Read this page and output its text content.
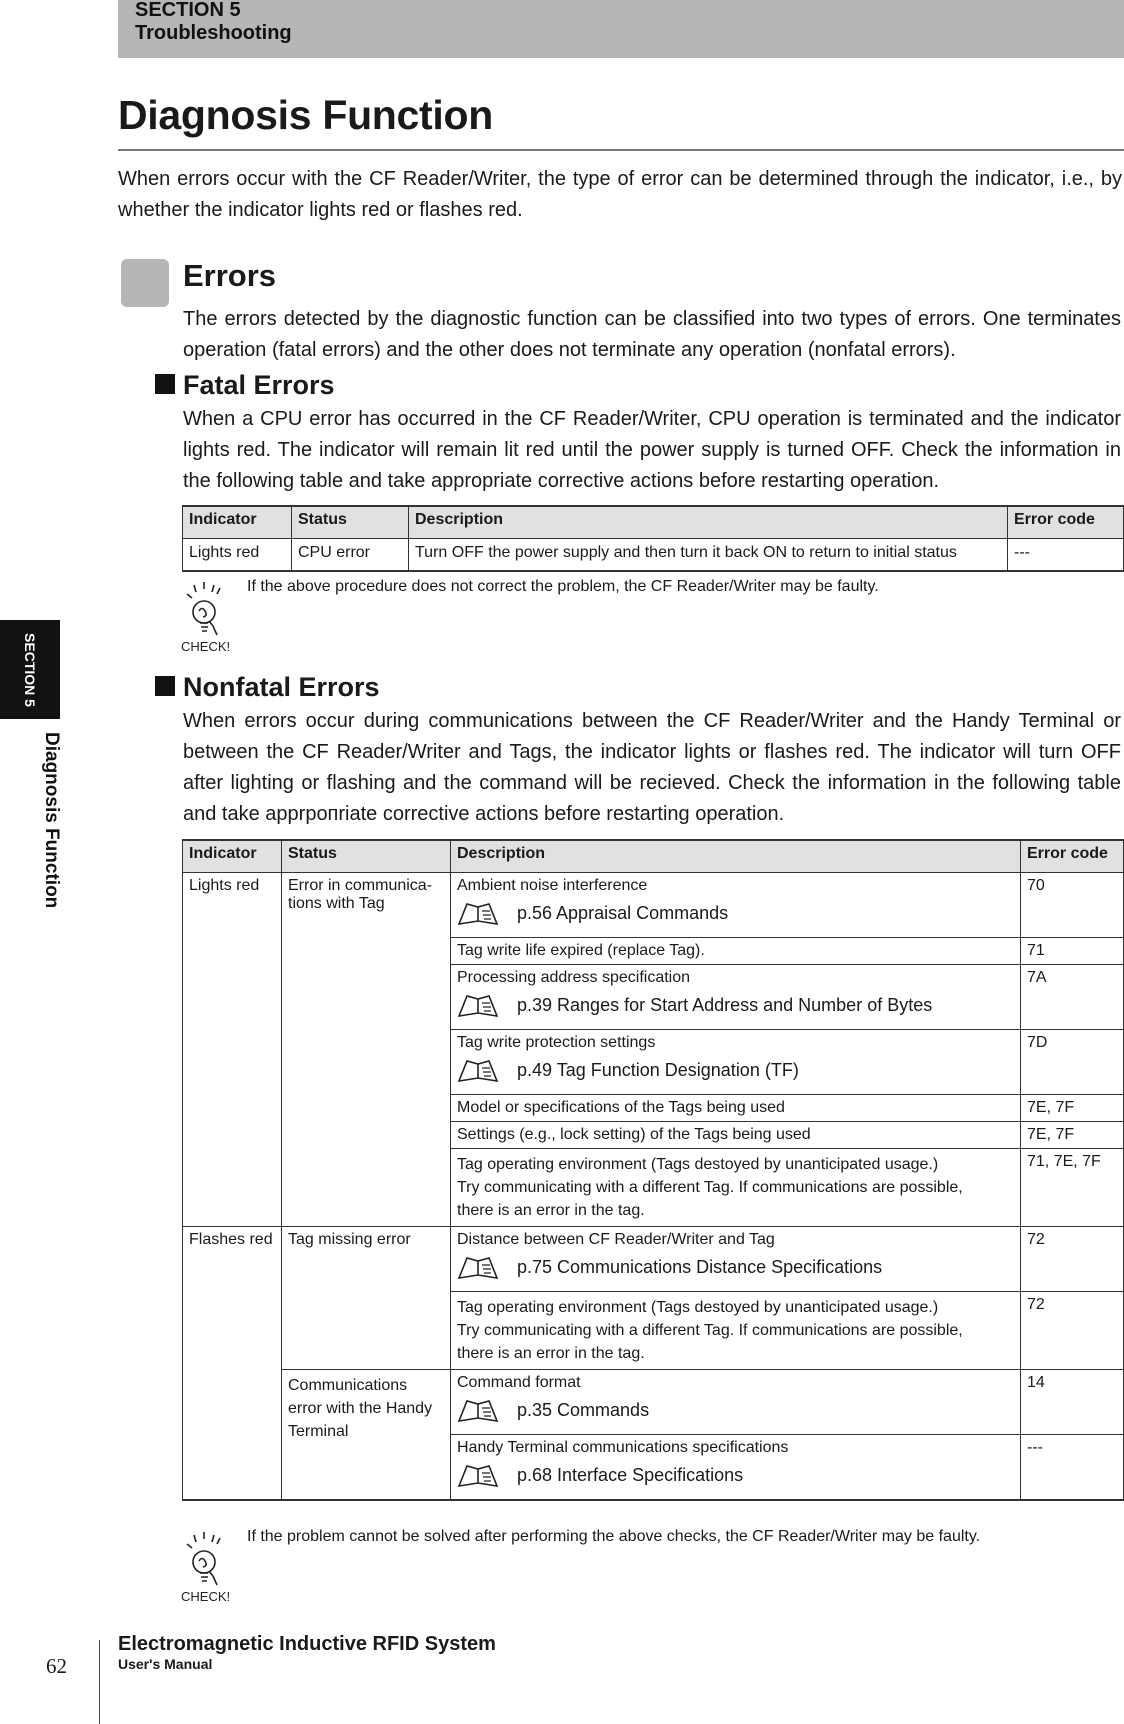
SECTION 5
Troubleshooting
Diagnosis Function
When errors occur with the CF Reader/Writer, the type of error can be determined through the indicator, i.e., by whether the indicator lights red or flashes red.
Errors
The errors detected by the diagnostic function can be classified into two types of errors. One terminates operation (fatal errors) and the other does not terminate any operation (nonfatal errors).
Fatal Errors
When a CPU error has occurred in the CF Reader/Writer, CPU operation is terminated and the indicator lights red. The indicator will remain lit red until the power supply is turned OFF. Check the information in the following table and take appropriate corrective actions before restarting operation.
Indicator	Status	Description	Error code
Lights red	CPU error	Turn OFF the power supply and then turn it back ON to return to initial status	---
CHECK!
If the above procedure does not correct the problem, the CF Reader/Writer may be faulty.
Nonfatal Errors
When errors occur during communications between the CF Reader/Writer and the Handy Terminal or between the CF Reader/Writer and Tags, the indicator lights or flashes red. The indicator will turn OFF after lighting or flashing and the command will be recieved. Check the information in the following table and take apprропriate corrective actions before restarting operation.
Indicator	Status	Description	Error code
Lights red	Error in communica-tions with Tag	Ambient noise interference
p.56 Appraisal Commands	70
		Tag write life expired (replace Tag).	71

		Processing address specification
p.39 Ranges for Start Address and Number of Bytes	7A

		Tag write protection settings
p.49 Tag Function Designation (TF)	7D
		Model or specifications of the Tags being used	7E, 7F
		Settings (e.g., lock setting) of the Tags being used	7E, 7F

		Tag operating environment (Tags destoyed by unanticipated usage.)
Try communicating with a different Tag. If communications are possible,
there is an error in the tag.	71, 7E, 7F
Flashes red	Tag missing error	Distance between CF Reader/Writer and Tag
p.75 Communications Distance Specifications	72

		Tag operating environment (Tags destoyed by unanticipated usage.)
Try communicating with a different Tag. If communications are possible,
there is an error in the tag.	72
	Communications error with the Handy Terminal	Command format
p.35 Commands	14

		Handy Terminal communications specifications
p.68 Interface Specifications	---
CHECK!
If the problem cannot be solved after performing the above checks, the CF Reader/Writer may be faulty.
SECTION 5
Diagnosis Function
62
Electromagnetic Inductive RFID System
User's Manual
